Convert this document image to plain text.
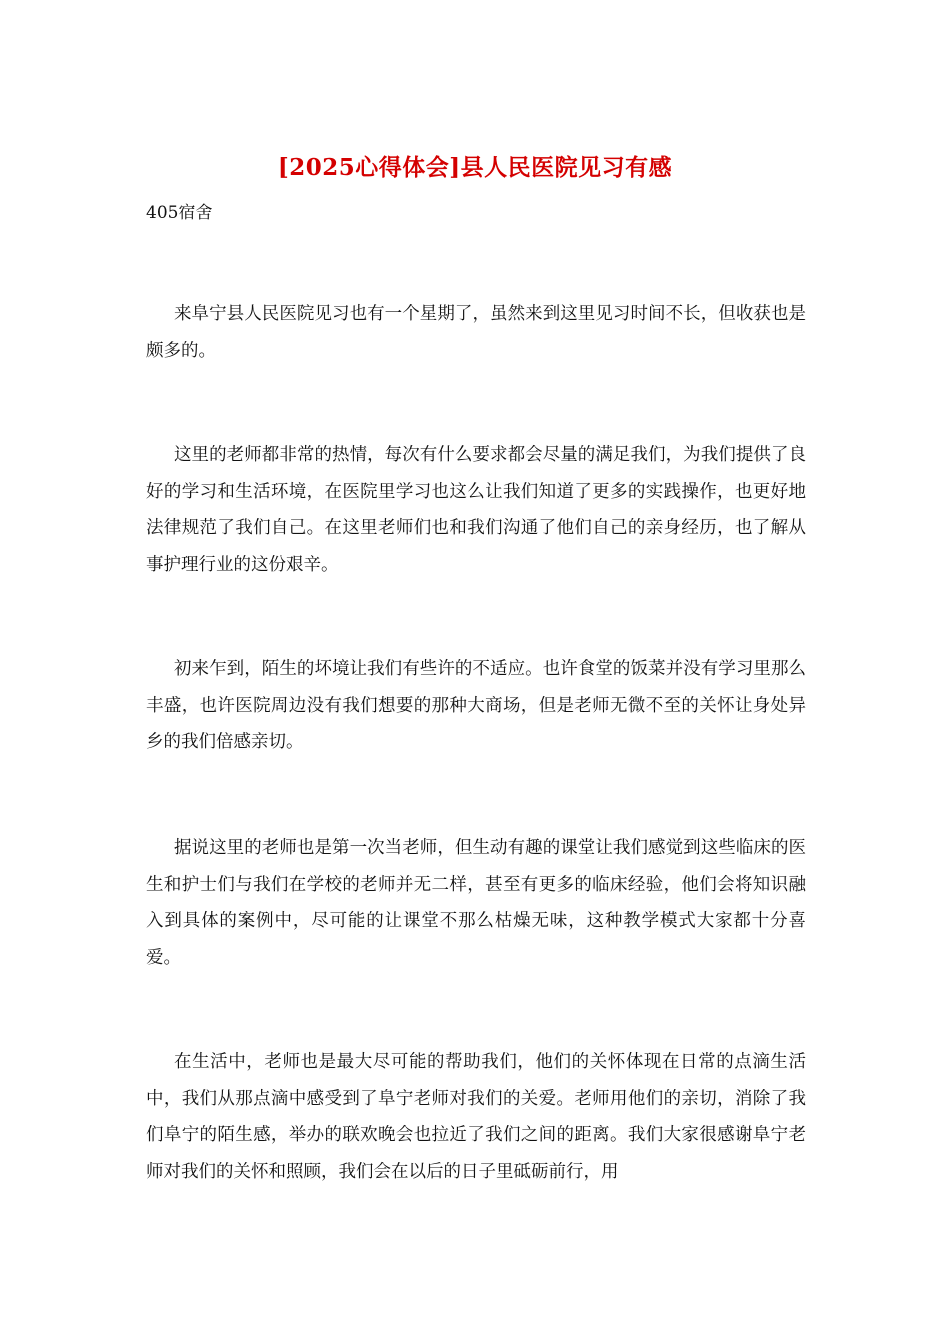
[2025心得体会]县人民医院见习有感
405宿舍

来阜宁县人民医院见习也有一个星期了，虽然来到这里见习时间不长，但收获也是颇多的。

这里的老师都非常的热情，每次有什么要求都会尽量的满足我们，为我们提供了良好的学习和生活环境，在医院里学习也这么让我们知道了更多的实践操作，也更好地法律规范了我们自己。在这里老师们也和我们沟通了他们自己的亲身经历，也了解从事护理行业的这份艰辛。

初来乍到，陌生的坏境让我们有些许的不适应。也许食堂的饭菜并没有学习里那么丰盛，也许医院周边没有我们想要的那种大商场，但是老师无微不至的关怀让身处异乡的我们倍感亲切。

据说这里的老师也是第一次当老师，但生动有趣的课堂让我们感觉到这些临床的医生和护士们与我们在学校的老师并无二样，甚至有更多的临床经验，他们会将知识融入到具体的案例中，尽可能的让课堂不那么枯燥无味，这种教学模式大家都十分喜爱。

在生活中，老师也是最大尽可能的帮助我们，他们的关怀体现在日常的点滴生活中，我们从那点滴中感受到了阜宁老师对我们的关爱。老师用他们的亲切，消除了我们阜宁的陌生感，举办的联欢晚会也拉近了我们之间的距离。我们大家很感谢阜宁老师对我们的关怀和照顾，我们会在以后的日子里砥砺前行，用
